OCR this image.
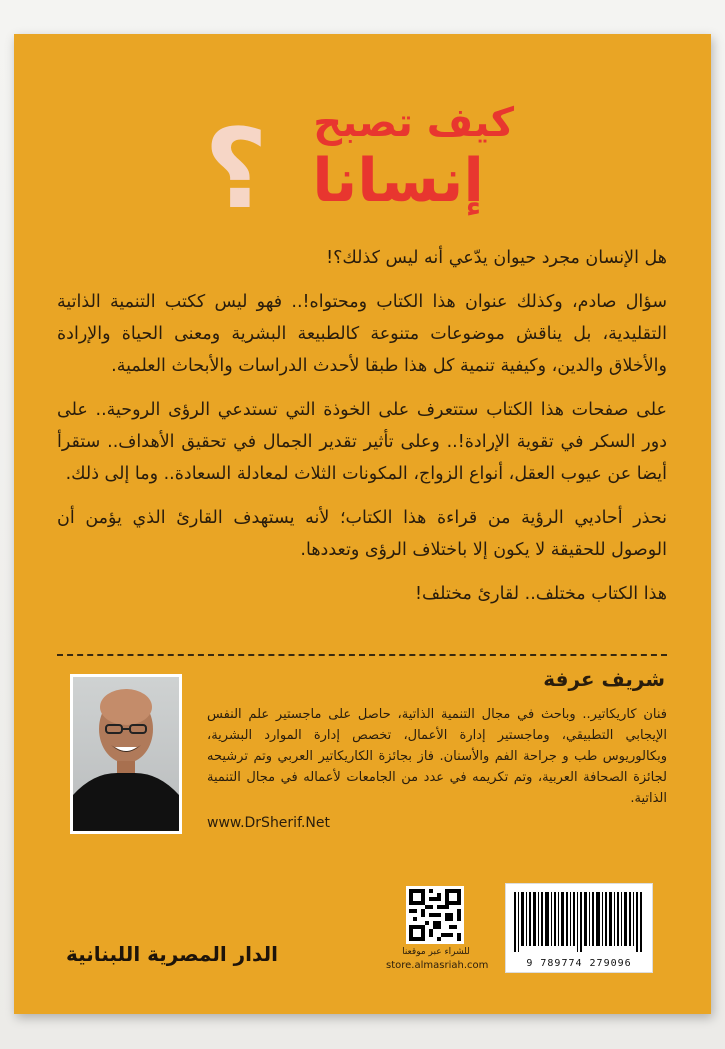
؟ كيف تصبح
إنسانا

هل الإنسان مجرد حيوان يدّعي أنه ليس كذلك؟!

سؤال صادم، وكذلك عنوان هذا الكتاب ومحتواه!.. فهو ليس ككتب التنمية الذاتية التقليدية، بل يناقش موضوعات متنوعة كالطبيعة البشرية ومعنى الحياة والإرادة والأخلاق والدين، وكيفية تنمية كل هذا طبقا لأحدث الدراسات والأبحاث العلمية.

على صفحات هذا الكتاب ستتعرف على الخوذة التي تستدعي الرؤى الروحية.. على دور السكر في تقوية الإرادة!.. وعلى تأثير تقدير الجمال في تحقيق الأهداف.. ستقرأ أيضا عن عيوب العقل، أنواع الزواج، المكونات الثلاث لمعادلة السعادة.. وما إلى ذلك.

نحذر أحاديي الرؤية من قراءة هذا الكتاب؛ لأنه يستهدف القارئ الذي يؤمن أن الوصول للحقيقة لا يكون إلا باختلاف الرؤى وتعددها.

هذا الكتاب مختلف.. لقارئ مختلف!

شريف عرفة

فنان كاريكاتير.. وباحث في مجال التنمية الذاتية، حاصل على ماجستير علم النفس الإيجابي التطبيقي، وماجستير إدارة الأعمال، تخصص إدارة الموارد البشرية، وبكالوريوس طب و جراحة الفم والأسنان. فاز بجائزة الكاريكاتير العربي وتم ترشيحه لجائزة الصحافة العربية، وتم تكريمه في عدد من الجامعات لأعماله في مجال التنمية الذاتية.

www.DrSherif.Net

9 789774 279096
للشراء عبر موقعنا
store.almasriah.com
الدار المصرية اللبنانية
